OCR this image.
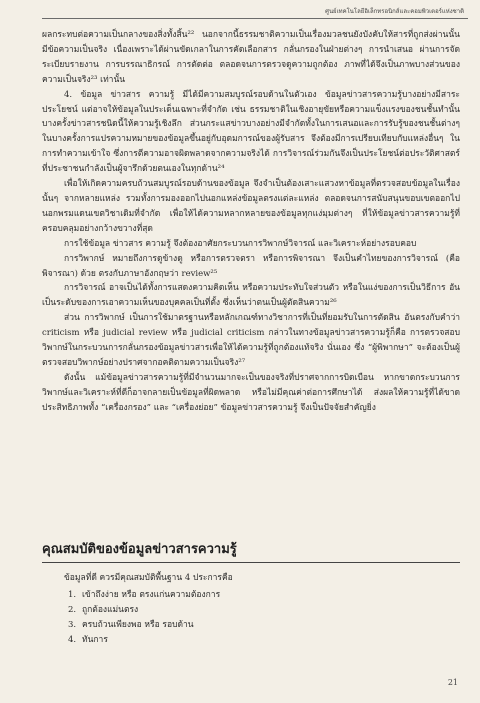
ศูนย์เทคโนโลยีอิเล็กทรอนิกส์และคอมพิวเตอร์แห่งชาติ

ผลกระทบต่อความเป็นกลางของสิ่งทั้งสิ้น²² นอกจากนี้ธรรมชาติความเป็นเรื่องมวลชนยังบังคับให้สารที่ถูกส่งผ่านนั้นมีข้อความเป็นจริง เนื่องเพราะได้ผ่านขัดเกลาในการคัดเลือกสาร กลั่นกรองในฝ่ายต่างๆ การนำเสนอ ผ่านการจัดระเบียบรายงาน การบรรณาธิกรณ์ การตัดต่อ ตลอดจนการตรวจดูความถูกต้อง ภาพที่ได้จึงเป็นภาพบางส่วนของความเป็นจริง²³ เท่านั้น

4. ข้อมูล ข่าวสาร ความรู้ มีได้มีความสมบูรณ์รอบด้านในตัวเอง ข้อมูลข่าวสารความรู้บางอย่างมีสาระประโยชน์ แต่อาจให้ข้อมูลในประเด็นเฉพาะที่จำกัด เช่น ธรรมชาติในเชิงอายุขัยหรือความแข็งแรงของชนชั้นทำนั้น บางครั้งข่าวสารชนิดนี้ให้ความรู้เชิงลึก ส่วนกระแสข่าวบางอย่างมีจำกัดทั้งในการเสนอและการรับรู้ของชนชั้นต่างๆ ในบางครั้งการแปรความหมายของข้อมูลขึ้นอยู่กับอุดมการณ์ของผู้รับสาร จึงต้องมีการเปรียบเทียบกับแหล่งอื่นๆ ในการทำความเข้าใจ ซึ่งการตีความอาจผิดพลาดจากความจริงได้ การวิจารณ์ร่วมกันจึงเป็นประโยชน์ต่อประวัติศาสตร์ที่ประชาชนกำลังเป็นผู้จารึกด้วยตนเองในทุกด้าน²⁴

เพื่อให้เกิดความครบถ้วนสมบูรณ์รอบด้านของข้อมูล จึงจำเป็นต้องเสาะแสวงหาข้อมูลที่ตรวจสอบข้อมูลในเรื่องนั้นๆ จากหลายแหล่ง รวมทั้งการมองออกไปนอกแหล่งข้อมูลตรงแต่ละแหล่ง ตลอดจนการสนับสนุนขอบเขตออกไปนอกพรมแดนเขตวิชาเดิมที่จำกัด เพื่อให้ได้ความหลากหลายของข้อมูลทุกแง่มุมต่างๆ ที่ให้ข้อมูลข่าวสารความรู้ที่ครอบคลุมอย่างกว้างขวางที่สุด

การใช้ข้อมูล ข่าวสาร ความรู้ จึงต้องอาศัยกระบวนการวิพากษ์วิจารณ์ และวิเคราะห์อย่างรอบคอบ

การวิพากษ์ หมายถึงการดูข้างดู หรือการตรวจตรา หรือการพิจารณา จึงเป็นคำไทยของการวิจารณ์ (คือพิจารณา) ด้วย ตรงกับภาษาอังกฤษว่า review²⁵

การวิจารณ์ อาจเป็นได้ทั้งการแสดงความคิดเห็น หรือความประทับใจส่วนตัว หรือในแง่ของการเป็นวิธีการ อันเป็นระดับของการเอาความเห็นของบุคคลเป็นที่ตั้ง ซึ่งเห็นว่าตนเป็นผู้ตัดสินความ²⁶

ส่วน การวิพากษ์ เป็นการใช้มาตรฐานหรือหลักเกณฑ์ทางวิชาการที่เป็นที่ยอมรับในการตัดสิน อันตรงกับคำว่า criticism หรือ judicial review หรือ judicial criticism กล่าวในทางข้อมูลข่าวสารความรู้ก็คือ การตรวจสอบวิพากษ์ในกระบวนการกลั่นกรองข้อมูลข่าวสารเพื่อให้ได้ความรู้ที่ถูกต้องแท้จริง นั่นเอง ซึ่ง “ผู้พิพากษา” จะต้องเป็นผู้ตรวจสอบวิพากษ์อย่างปราศจากอคติตามความเป็นจริง²⁷

ดังนั้น แม้ข้อมูลข่าวสารความรู้ที่มีจำนวนมากจะเป็นของจริงที่ปราศจากการบิดเบือน หากขาดกระบวนการวิพากษ์และวิเคราะห์ที่ดีก็อาจกลายเป็นข้อมูลที่ผิดพลาด หรือไม่มีคุณค่าต่อการศึกษาได้ ส่งผลให้ความรู้ที่ได้ขาดประสิทธิภาพทั้ง “เครื่องกรอง” และ “เครื่องย่อย” ข้อมูลข่าวสารความรู้ จึงเป็นปัจจัยสำคัญยิ่ง

คุณสมบัติของข้อมูลข่าวสารความรู้

ข้อมูลที่ดี ควรมีคุณสมบัติพื้นฐาน 4 ประการคือ

1. เข้าถึงง่าย หรือ ตรงแก่นความต้องการ
2. ถูกต้องแม่นตรง
3. ครบถ้วนเพียงพอ หรือ รอบด้าน
4. ทันการ
21
